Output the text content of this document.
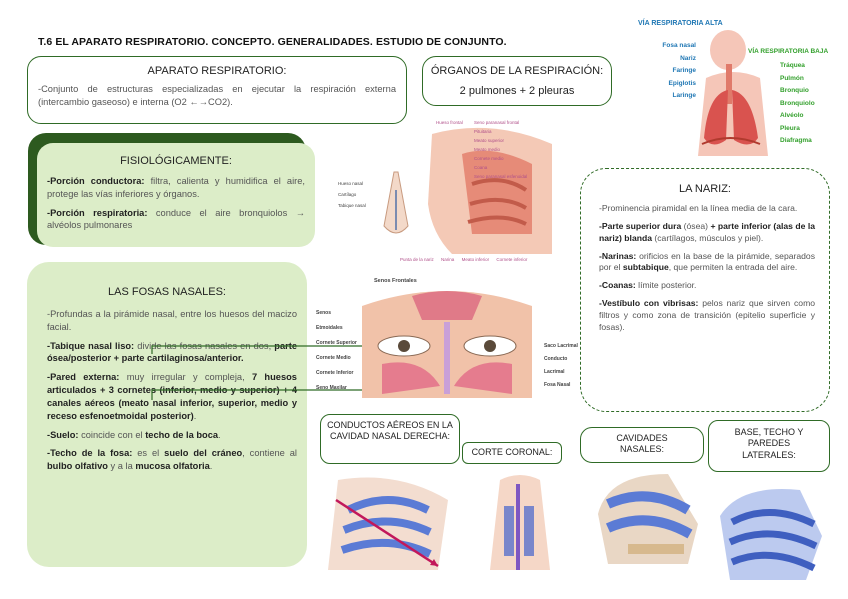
T.6 EL APARATO RESPIRATORIO. CONCEPTO. GENERALIDADES. ESTUDIO DE CONJUNTO.
APARATO RESPIRATORIO:
-Conjunto de estructuras especializadas en ejecutar la respiración externa (intercambio gaseoso) e interna (O2 ←→CO2).
ÓRGANOS DE LA RESPIRACIÓN:
2 pulmones + 2 pleuras
FISIOLÓGICAMENTE:

-Porción conductora: filtra, calienta y humidifica el aire, protege las vías inferiores y órganos.

-Porción respiratoria: conduce el aire bronquiolos → alvéolos pulmonares

LAS FOSAS NASALES:

-Profundas a la pirámide nasal, entre los huesos del macizo facial.

-Tabique nasal liso: divide las fosas nasales en dos, parte ósea/posterior + parte cartilaginosa/anterior.

-Pared externa: muy irregular y compleja, 7 huesos articulados + 3 cornetes (inferior, medio y superior) + 4 canales aéreos (meato nasal inferior, superior, medio y receso esfenoetmoidal posterior).

-Suelo: coincide con el techo de la boca.

-Techo de la fosa: es el suelo del cráneo, contiene al bulbo olfativo y a la mucosa olfatoria.

VÍA RESPIRATORIA ALTA
VÍA RESPIRATORIA BAJA
Fosa nasal
Nariz
Faringe
Epiglotis
Laringe
Tráquea
Pulmón
Bronquio
Bronquiolo
Alvéolo
Pleura
Diafragma
Hueso nasal
Cartílago
Tabique nasal
Hueso frontal Seno paranasal frontal
Pituitaria
Meato superior
Meato medio
Cornete medio
Coana
Seno paranasal esfenoidal
Punta de la nariz Narina Meato inferior Cornete inferior
Senos Frontales
Senos Etmoidales
Cornete Superior
Cornete Medio
Cornete Inferior
Seno Maxilar
Saco Lacrimal
Conducto Lacrimal
Fosa Nasal
LA NARIZ:

-Prominencia piramidal en la línea media de la cara.

-Parte superior dura (ósea) + parte inferior (alas de la nariz) blanda (cartílagos, músculos y piel).

-Narinas: orificios en la base de la pirámide, separados por el subtabique, que permiten la entrada del aire.

-Coanas: límite posterior.

-Vestíbulo con vibrisas: pelos nariz que sirven como filtros y como zona de transición (epitelio superficie y fosas).

CONDUCTOS AÉREOS EN LA CAVIDAD NASAL DERECHA:
CORTE CORONAL:
CAVIDADES NASALES:
BASE, TECHO Y PAREDES LATERALES:
